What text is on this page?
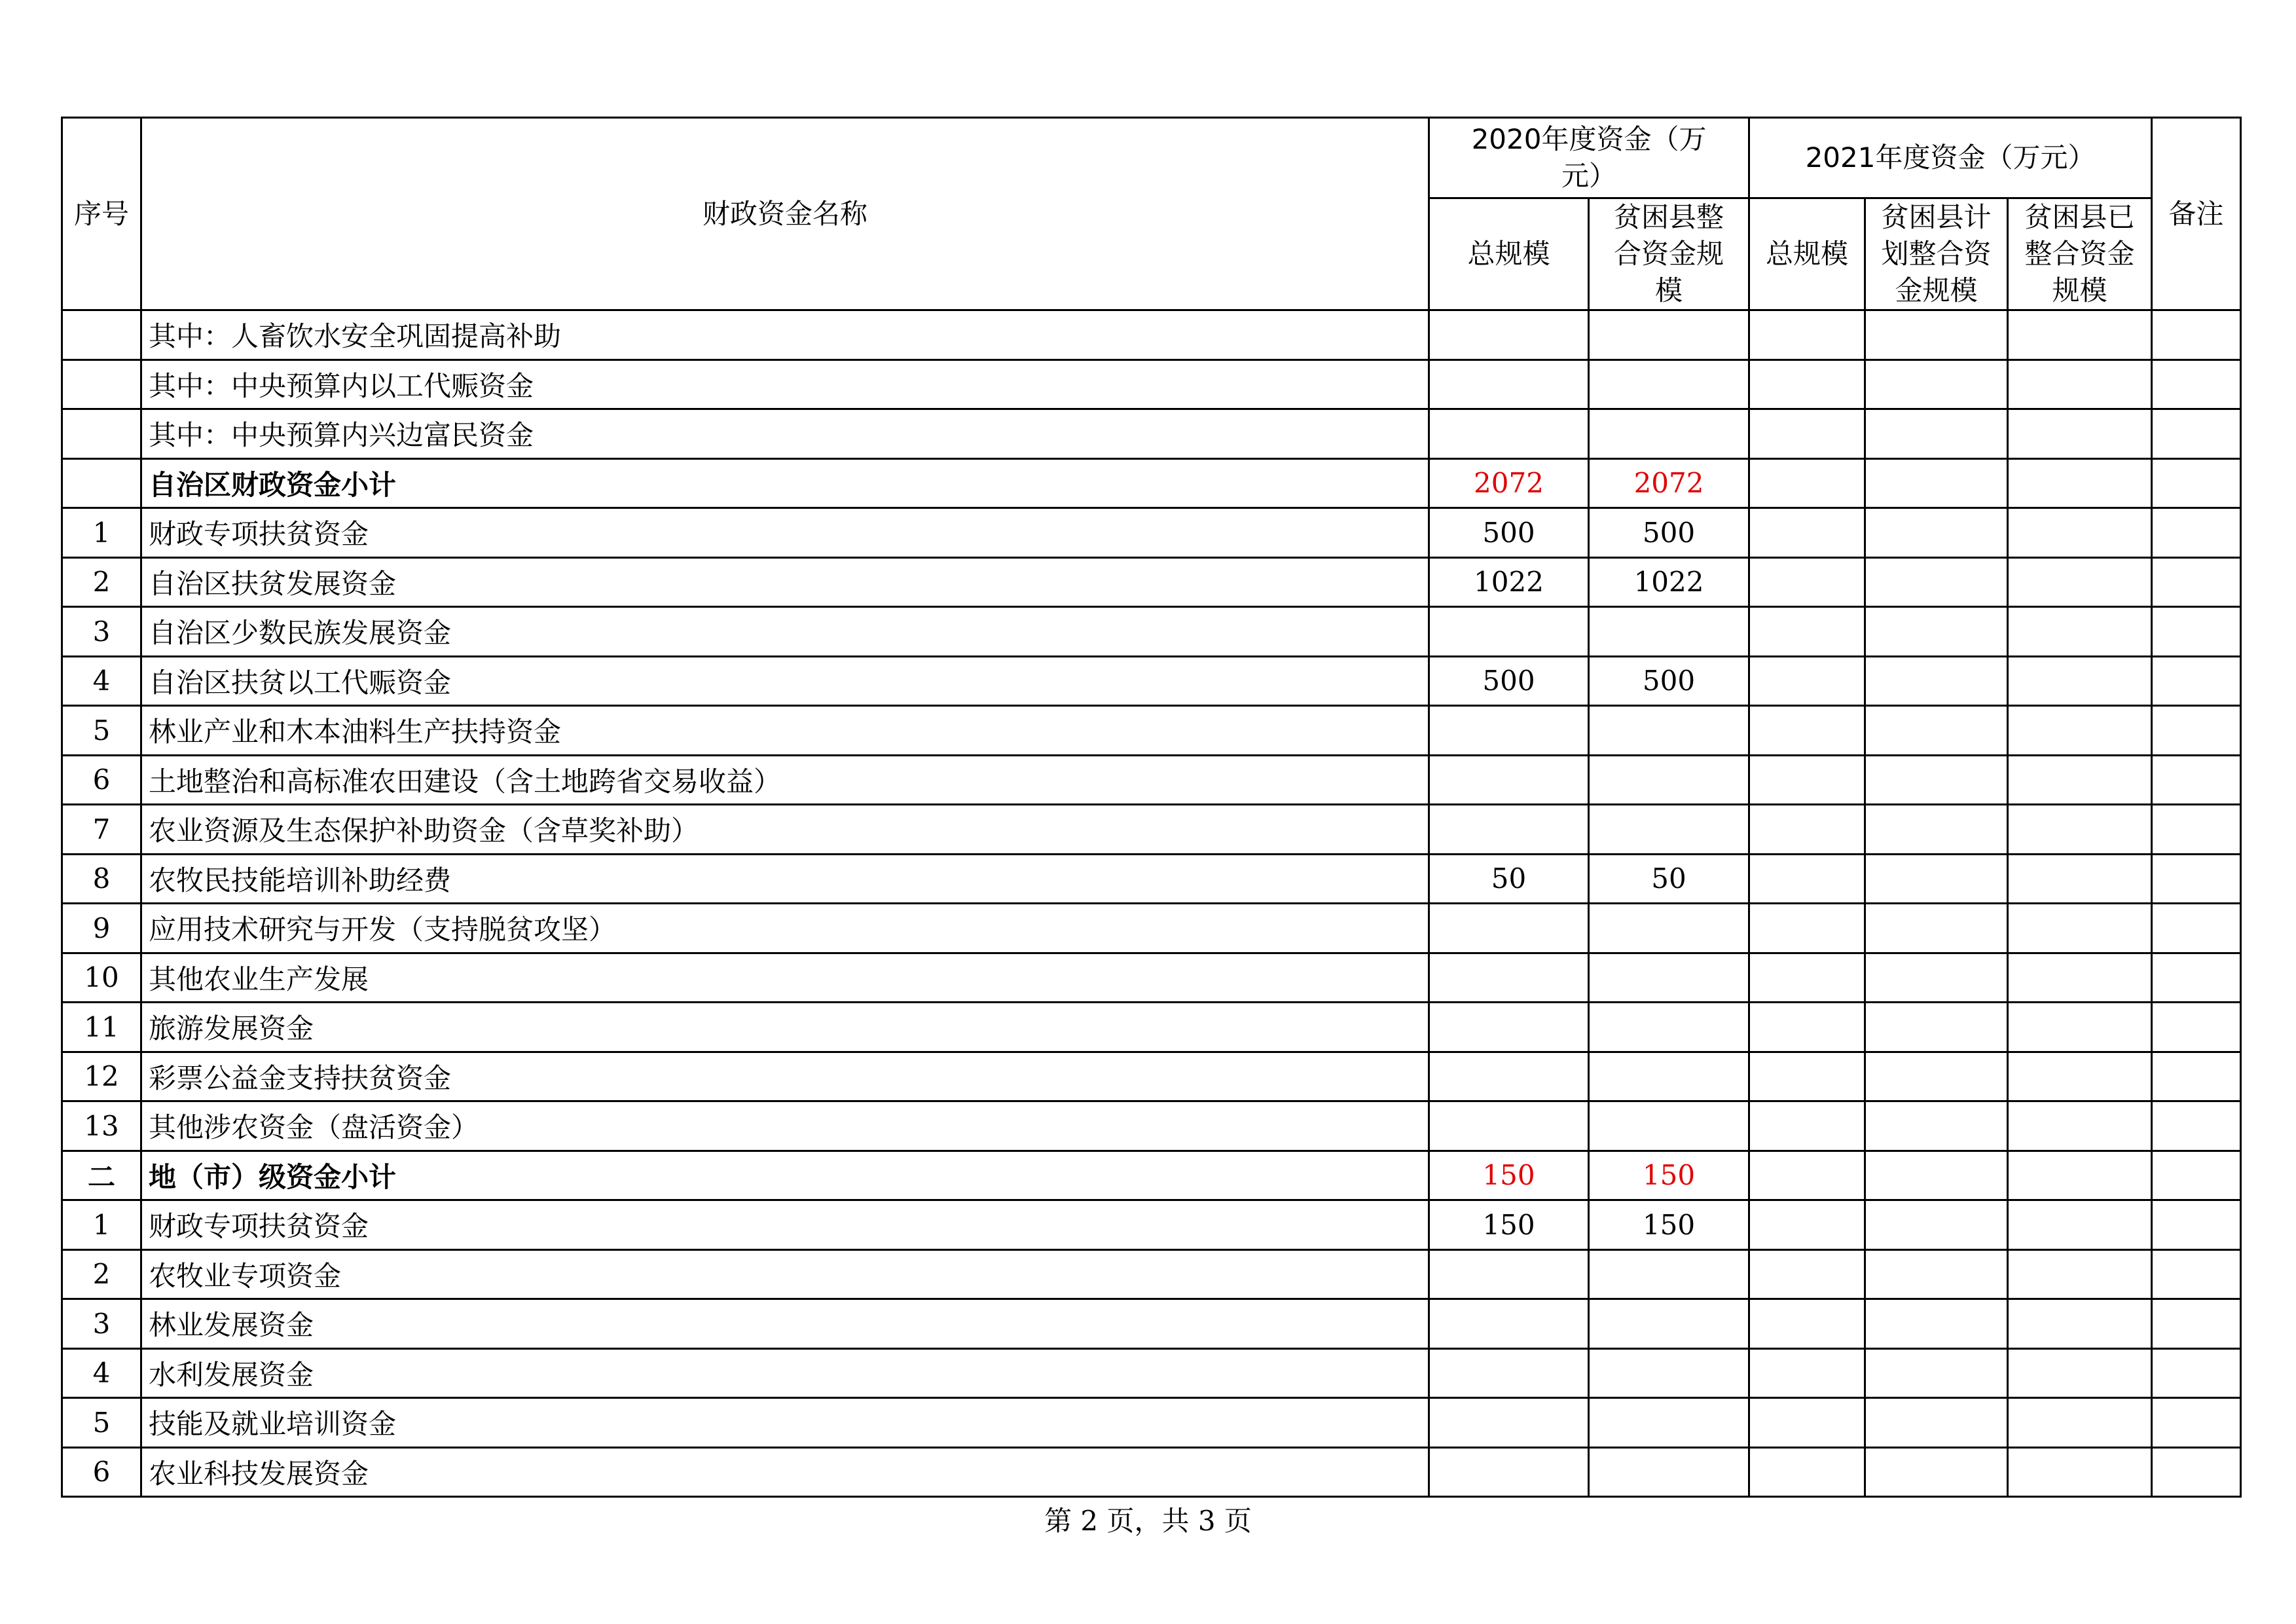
序号	财政资金名称	2020年度资金（万元）		2021年度资金（万元）			备注
		总规模	贫困县整合资金规模	总规模	贫困县计划整合资金规模	贫困县已整合资金规模	
	其中：人畜饮水安全巩固提高补助						
	其中：中央预算内以工代赈资金						
	其中：中央预算内兴边富民资金						
	自治区财政资金小计	2072	2072				
1	财政专项扶贫资金	500	500				
2	自治区扶贫发展资金	1022	1022				
3	自治区少数民族发展资金						
4	自治区扶贫以工代赈资金	500	500				
5	林业产业和木本油料生产扶持资金						
6	土地整治和高标准农田建设（含土地跨省交易收益）						
7	农业资源及生态保护补助资金（含草奖补助）						
8	农牧民技能培训补助经费	50	50				
9	应用技术研究与开发（支持脱贫攻坚）						
10	其他农业生产发展						
11	旅游发展资金						
12	彩票公益金支持扶贫资金						
13	其他涉农资金（盘活资金）						
二	地（市）级资金小计	150	150				
1	财政专项扶贫资金	150	150				
2	农牧业专项资金						
3	林业发展资金						
4	水利发展资金						
5	技能及就业培训资金						
6	农业科技发展资金						
第 2 页，共 3 页
